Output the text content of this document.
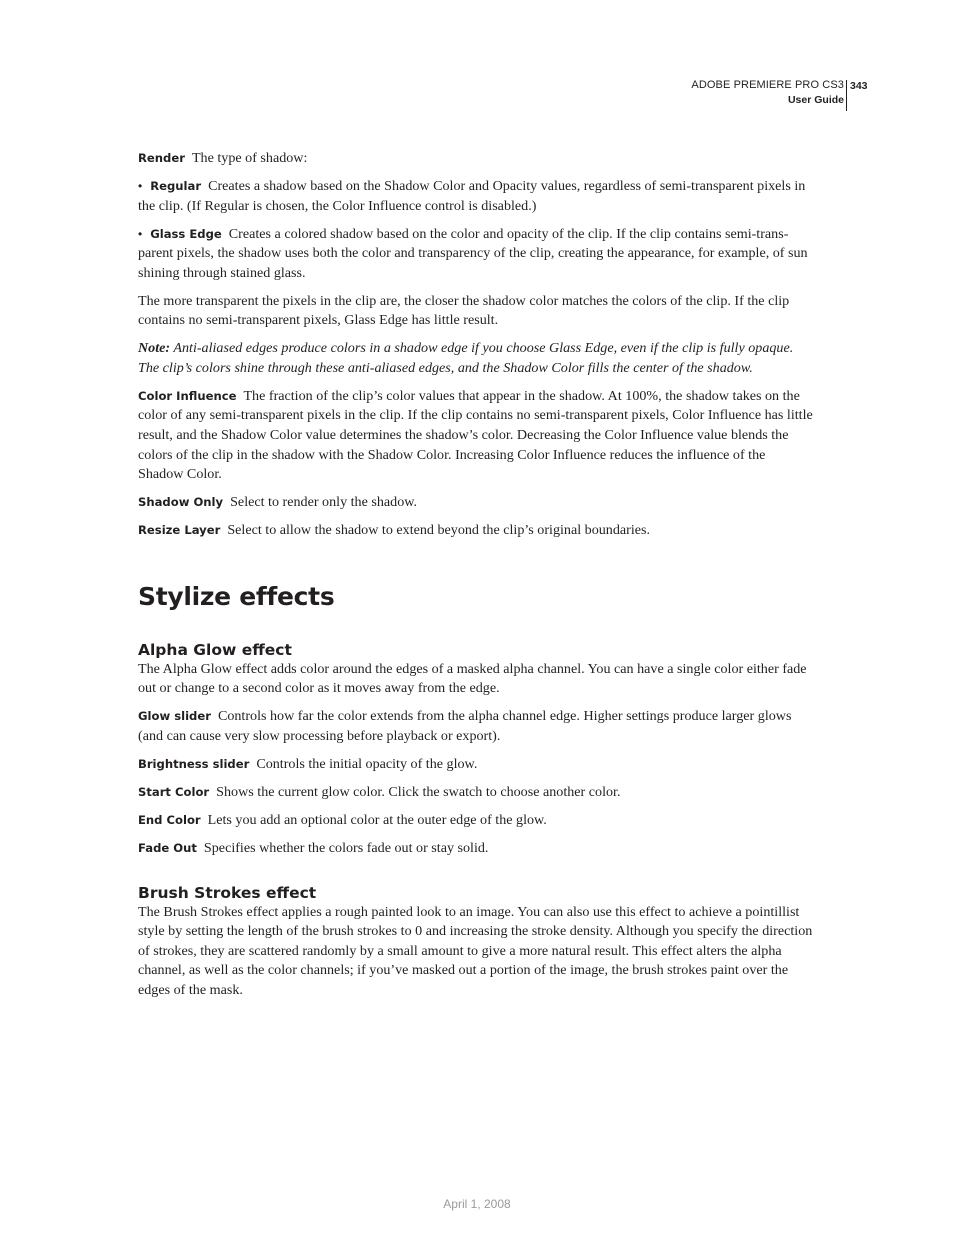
ADOBE PREMIERE PRO CS3
User Guide
343

Render The type of shadow:

• Regular Creates a shadow based on the Shadow Color and Opacity values, regardless of semi-transparent pixels in the clip. (If Regular is chosen, the Color Influence control is disabled.)

• Glass Edge Creates a colored shadow based on the color and opacity of the clip. If the clip contains semi-trans-parent pixels, the shadow uses both the color and transparency of the clip, creating the appearance, for example, of sun shining through stained glass.

The more transparent the pixels in the clip are, the closer the shadow color matches the colors of the clip. If the clip contains no semi-transparent pixels, Glass Edge has little result.

Note: Anti-aliased edges produce colors in a shadow edge if you choose Glass Edge, even if the clip is fully opaque. The clip’s colors shine through these anti-aliased edges, and the Shadow Color fills the center of the shadow.

Color Influence The fraction of the clip’s color values that appear in the shadow. At 100%, the shadow takes on the color of any semi-transparent pixels in the clip. If the clip contains no semi-transparent pixels, Color Influence has little result, and the Shadow Color value determines the shadow’s color. Decreasing the Color Influence value blends the colors of the clip in the shadow with the Shadow Color. Increasing Color Influence reduces the influence of the Shadow Color.

Shadow Only Select to render only the shadow.

Resize Layer Select to allow the shadow to extend beyond the clip’s original boundaries.

Stylize effects
Alpha Glow effect

The Alpha Glow effect adds color around the edges of a masked alpha channel. You can have a single color either fade out or change to a second color as it moves away from the edge.

Glow slider Controls how far the color extends from the alpha channel edge. Higher settings produce larger glows (and can cause very slow processing before playback or export).

Brightness slider Controls the initial opacity of the glow.

Start Color Shows the current glow color. Click the swatch to choose another color.

End Color Lets you add an optional color at the outer edge of the glow.

Fade Out Specifies whether the colors fade out or stay solid.

Brush Strokes effect

The Brush Strokes effect applies a rough painted look to an image. You can also use this effect to achieve a pointillist style by setting the length of the brush strokes to 0 and increasing the stroke density. Although you specify the direction of strokes, they are scattered randomly by a small amount to give a more natural result. This effect alters the alpha channel, as well as the color channels; if you’ve masked out a portion of the image, the brush strokes paint over the edges of the mask.

April 1, 2008
